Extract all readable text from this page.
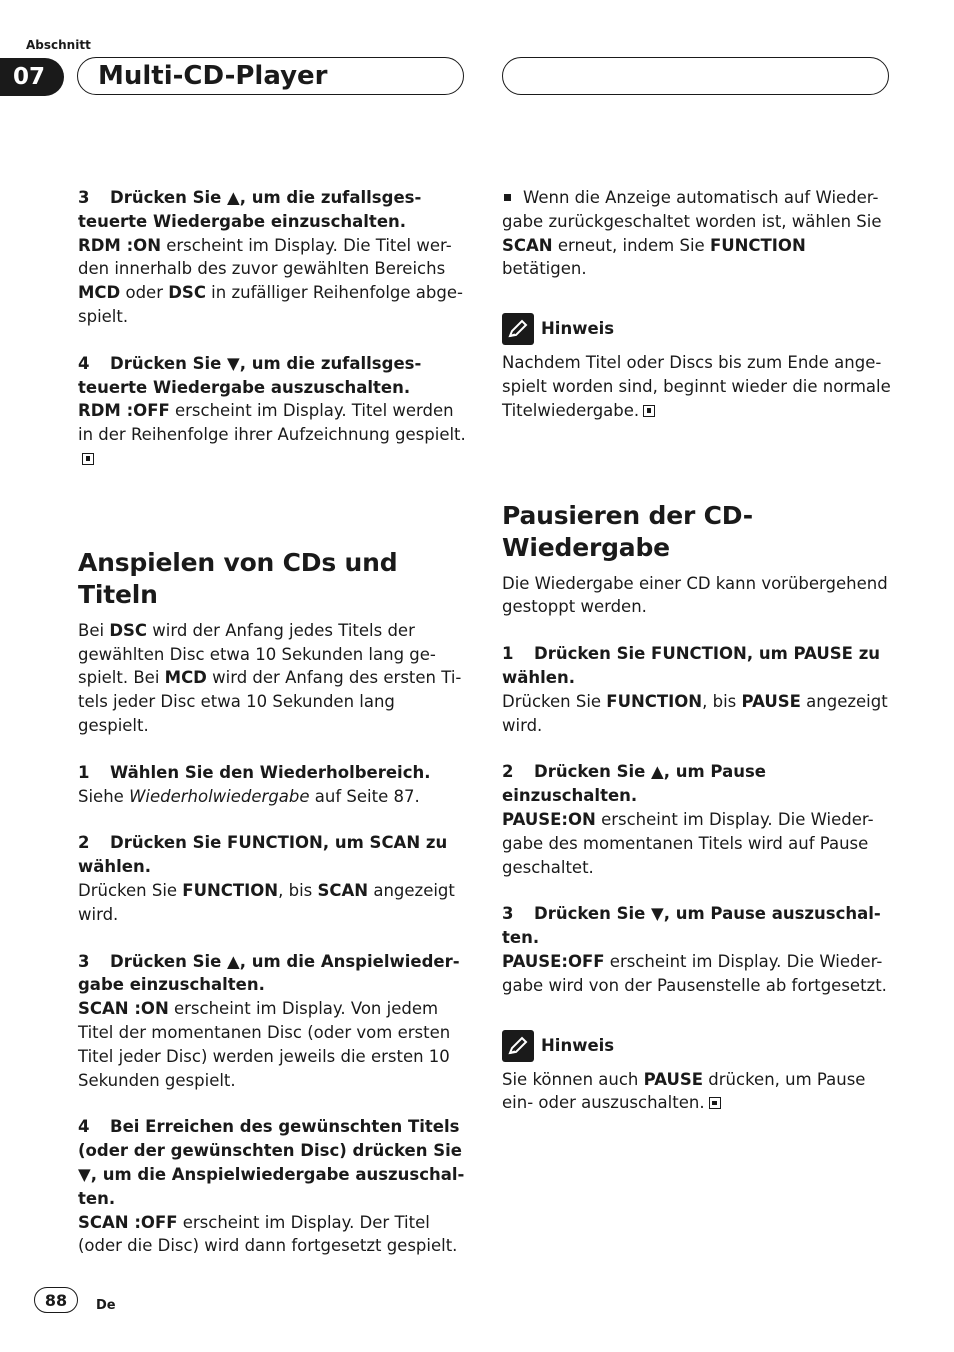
Abschnitt
07	Multi-CD-Player

3 Drücken Sie ▲, um die zufallsges- teuerte Wiedergabe einzuschalten.

RDM :ON erscheint im Display. Die Titel wer- den innerhalb des zuvor gewählten Bereichs MCD oder DSC in zufälliger Reihenfolge abge- spielt.

4 Drücken Sie ▼, um die zufallsges- teuerte Wiedergabe auszuschalten.

RDM :OFF erscheint im Display. Titel werden in der Reihenfolge ihrer Aufzeichnung gespielt.

Anspielen von CDs und Titeln

Bei DSC wird der Anfang jedes Titels der gewählten Disc etwa 10 Sekunden lang ge- spielt. Bei MCD wird der Anfang des ersten Ti- tels jeder Disc etwa 10 Sekunden lang gespielt.

1 Wählen Sie den Wiederholbereich.

Siehe Wiederholwiedergabe auf Seite 87.

2 Drücken Sie FUNCTION, um SCAN zu wählen.

Drücken Sie FUNCTION, bis SCAN angezeigt wird.

3 Drücken Sie ▲, um die Anspielwieder- gabe einzuschalten.

SCAN :ON erscheint im Display. Von jedem Titel der momentanen Disc (oder vom ersten Titel jeder Disc) werden jeweils die ersten 10 Sekunden gespielt.

4 Bei Erreichen des gewünschten Titels (oder der gewünschten Disc) drücken Sie ▼, um die Anspielwiedergabe auszuschal- ten.

SCAN :OFF erscheint im Display. Der Titel (oder die Disc) wird dann fortgesetzt gespielt.

Wenn die Anzeige automatisch auf Wieder- gabe zurückgeschaltet worden ist, wählen Sie SCAN erneut, indem Sie FUNCTION betätigen.

Hinweis

Nachdem Titel oder Discs bis zum Ende ange- spielt worden sind, beginnt wieder die normale Titelwiedergabe.

Pausieren der CD-Wiedergabe

Die Wiedergabe einer CD kann vorübergehend gestoppt werden.

1 Drücken Sie FUNCTION, um PAUSE zu wählen.

Drücken Sie FUNCTION, bis PAUSE angezeigt wird.

2 Drücken Sie ▲, um Pause einzuschalten.

PAUSE:ON erscheint im Display. Die Wieder- gabe des momentanen Titels wird auf Pause geschaltet.

3 Drücken Sie ▼, um Pause auszuschal- ten.

PAUSE:OFF erscheint im Display. Die Wieder- gabe wird von der Pausenstelle ab fortgesetzt.

Hinweis

Sie können auch PAUSE drücken, um Pause ein- oder auszuschalten.

88	De
